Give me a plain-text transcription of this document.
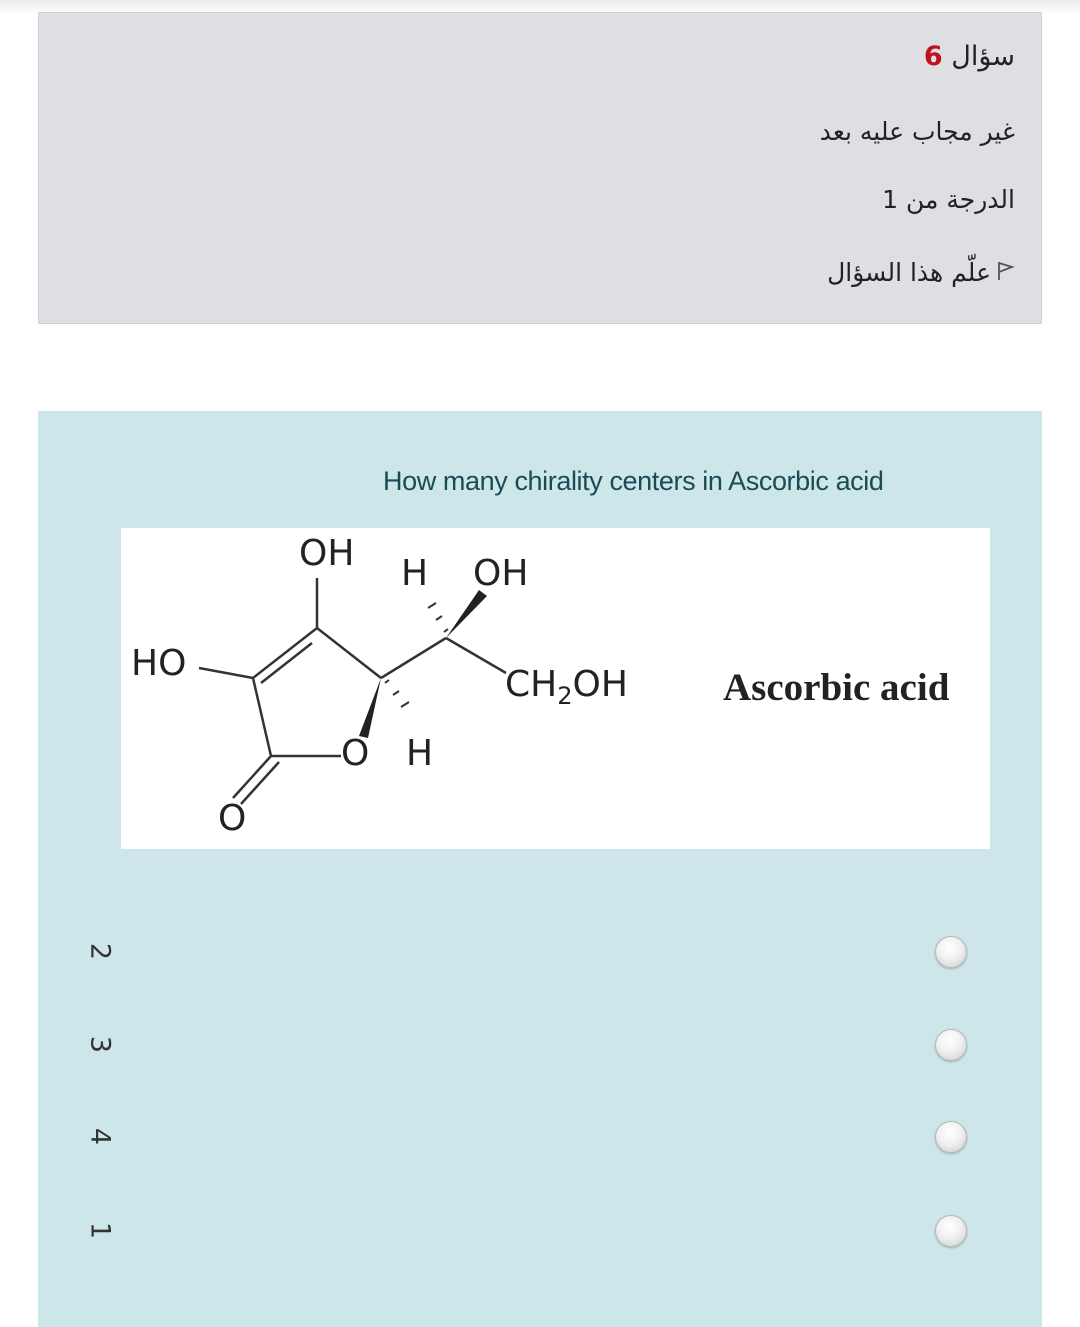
سؤال 6
غير مجاب عليه بعد
الدرجة من 1
علّم هذا السؤال
How many chirality centers in Ascorbic acid
OH H OH
HO
CH2OH
O H
O
Ascorbic acid
2
3
4
1
